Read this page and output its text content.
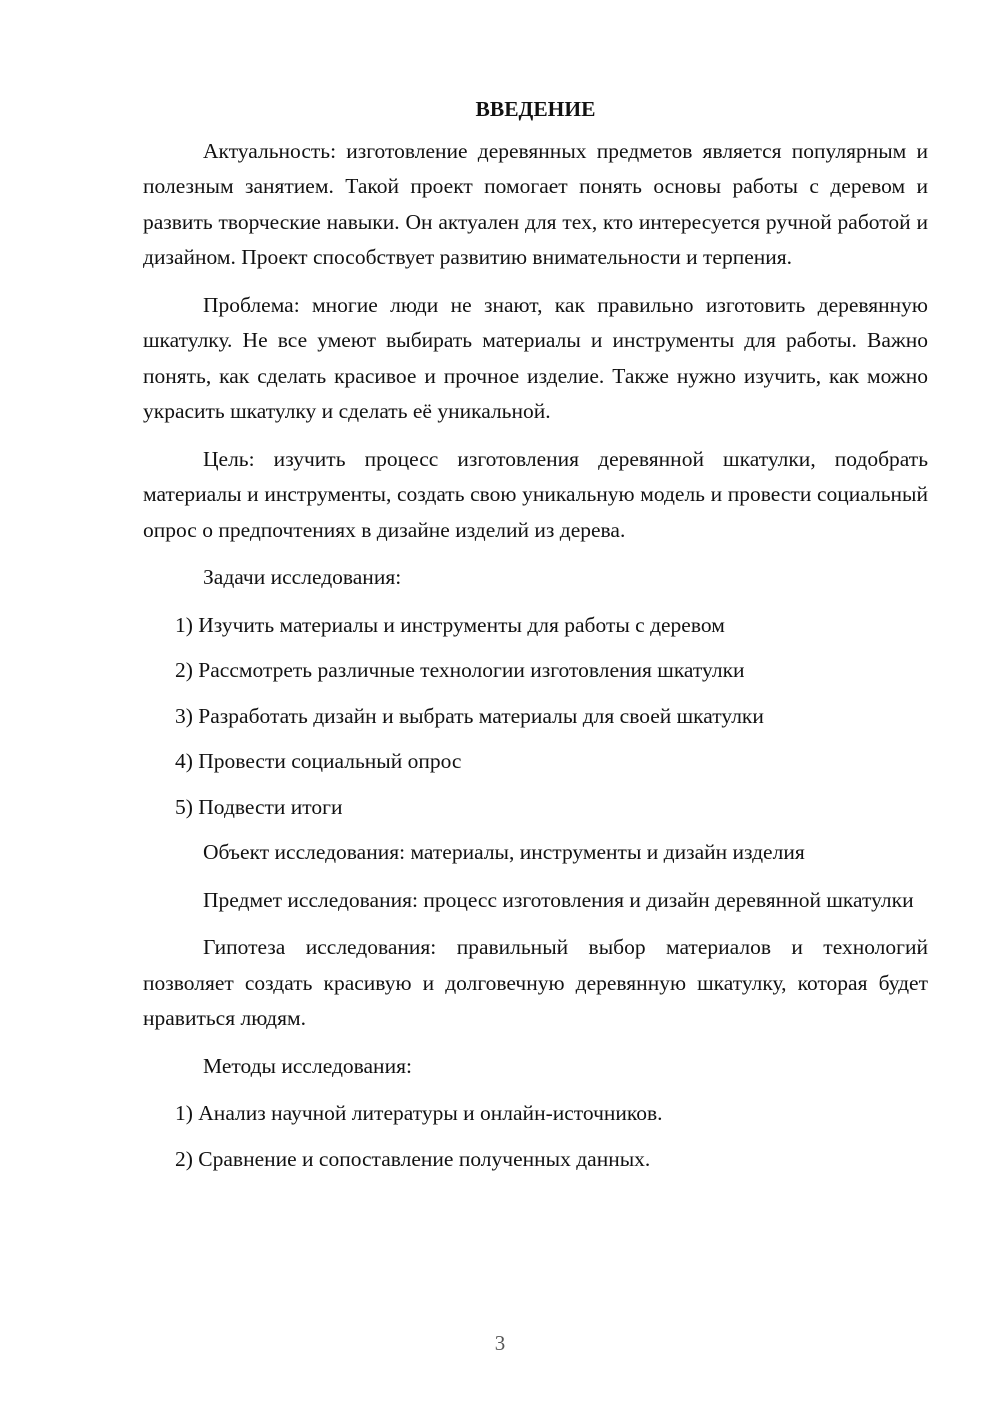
ВВЕДЕНИЕ

Актуальность: изготовление деревянных предметов является популярным и полезным занятием. Такой проект помогает понять основы работы с деревом и развить творческие навыки. Он актуален для тех, кто интересуется ручной работой и дизайном. Проект способствует развитию внимательности и терпения.

Проблема: многие люди не знают, как правильно изготовить деревянную шкатулку. Не все умеют выбирать материалы и инструменты для работы. Важно понять, как сделать красивое и прочное изделие. Также нужно изучить, как можно украсить шкатулку и сделать её уникальной.

Цель: изучить процесс изготовления деревянной шкатулки, подобрать материалы и инструменты, создать свою уникальную модель и провести социальный опрос о предпочтениях в дизайне изделий из дерева.

Задачи исследования:

1) Изучить материалы и инструменты для работы с деревом

2) Рассмотреть различные технологии изготовления шкатулки

3) Разработать дизайн и выбрать материалы для своей шкатулки

4) Провести социальный опрос

5) Подвести итоги

Объект исследования: материалы, инструменты и дизайн изделия

Предмет исследования: процесс изготовления и дизайн деревянной шкатулки

Гипотеза исследования: правильный выбор материалов и технологий позволяет создать красивую и долговечную деревянную шкатулку, которая будет нравиться людям.

Методы исследования:

1) Анализ научной литературы и онлайн-источников.

2) Сравнение и сопоставление полученных данных.

3
